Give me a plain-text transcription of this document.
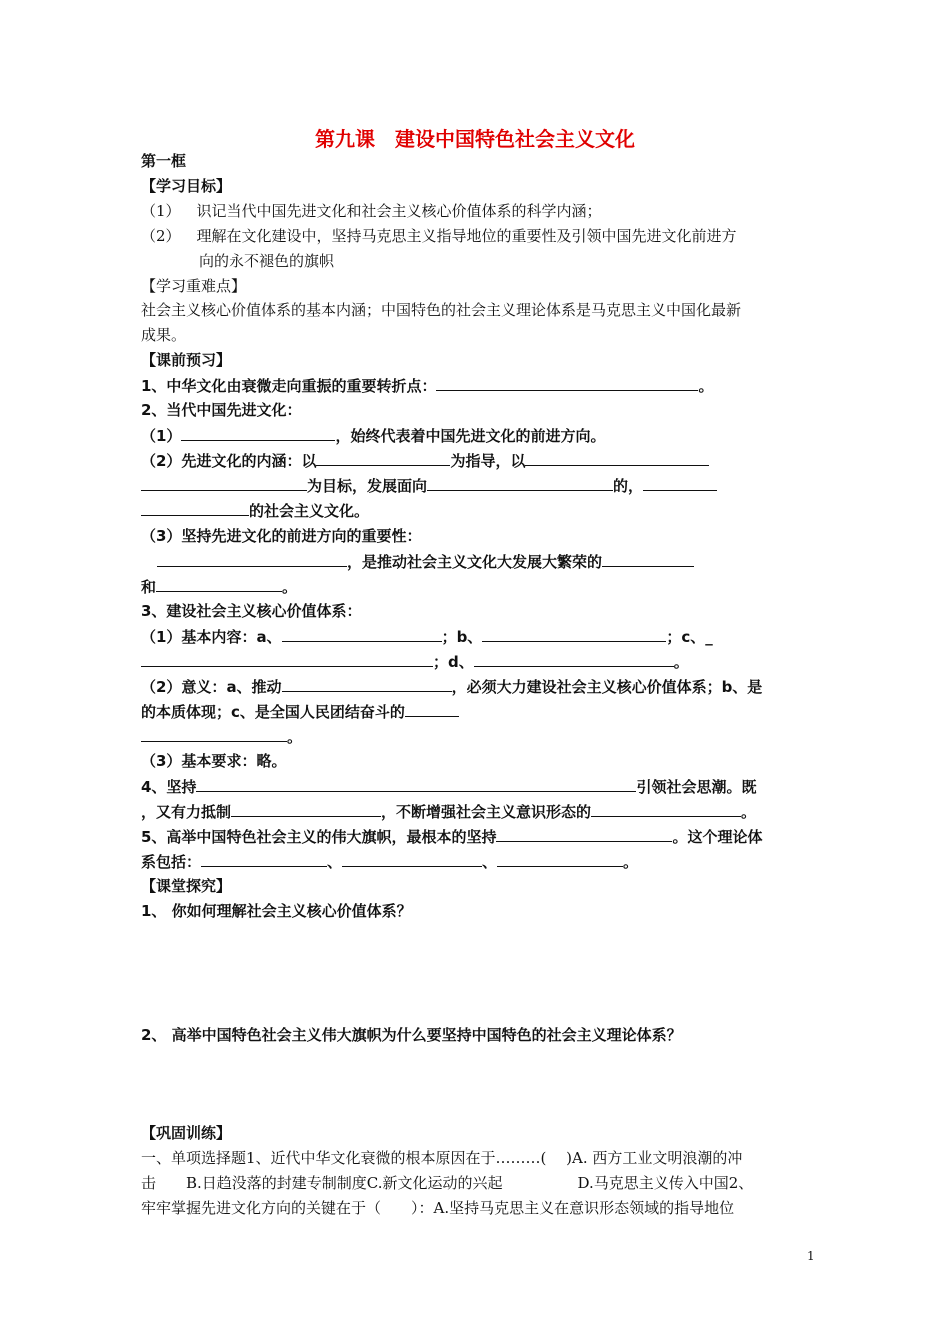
第九课　建设中国特色社会主义文化
第一框
【学习目标】
（1） 识记当代中国先进文化和社会主义核心价值体系的科学内涵；
（2） 理解在文化建设中，坚持马克思主义指导地位的重要性及引领中国先进文化前进方
向的永不褪色的旗帜
【学习重难点】
社会主义核心价值体系的基本内涵；中国特色的社会主义理论体系是马克思主义中国化最新
成果。
【课前预习】
1、中华文化由衰微走向重振的重要转折点：	。
2、当代中国先进文化：
（1）	，始终代表着中国先进文化的前进方向。
（2）先进文化的内涵：以	为指导，以
为目标，发展面向	的，
的社会主义文化。
（3）坚持先进文化的前进方向的重要性：
，是推动社会主义文化大发展大繁荣的
和	。
3、建设社会主义核心价值体系：
（1）基本内容：a、	；b、	；c、_
；d、	。
（2）意义：a、推动	，必须大力建设社会主义核心价值体系；b、是
的本质体现；c、是全国人民团结奋斗的
。
（3）基本要求：略。
4、坚持	引领社会思潮。既
，又有力抵制	，不断增强社会主义意识形态的	。
5、高举中国特色社会主义的伟大旗帜，最根本的坚持	。这个理论体
系包括：	、	、	。
【课堂探究】
1、 你如何理解社会主义核心价值体系？
2、 高举中国特色社会主义伟大旗帜为什么要坚持中国特色的社会主义理论体系？
【巩固训练】
一、单项选择题1、近代中华文化衰微的根本原因在于………(　 )A. 西方工业文明浪潮的冲
击　　B.日趋没落的封建专制制度C.新文化运动的兴起　　　　　D.马克思主义传入中国2、
牢牢掌握先进文化方向的关键在于（　　）：A.坚持马克思主义在意识形态领域的指导地位
1
